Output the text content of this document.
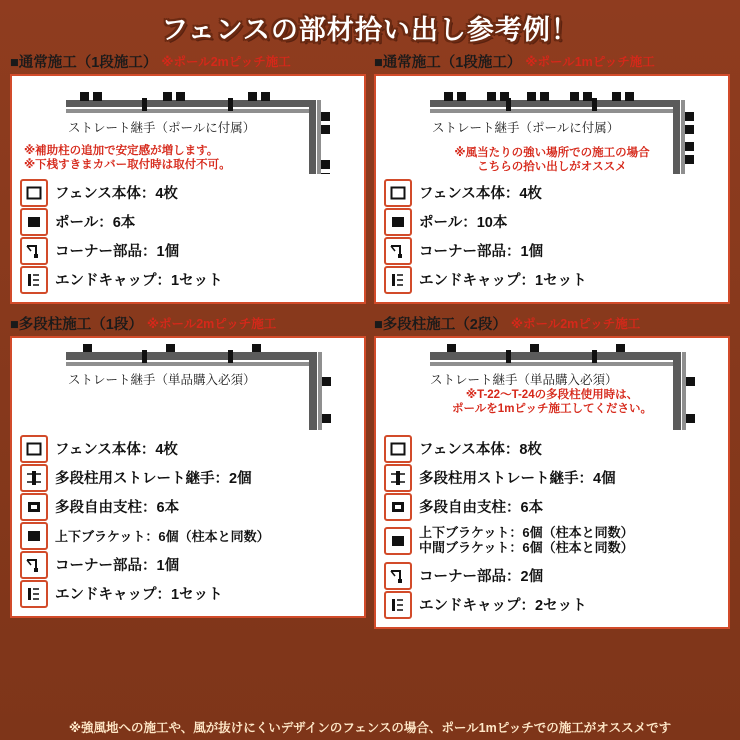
フェンスの部材拾い出し参考例！
■通常施工（1段施工） ※ポール2mピッチ施工
ストレート継手（ポールに付属）
※補助柱の追加で安定感が増します。
※下桟すきまカバー取付時は取付不可。
フェンス本体：4枚
ポール：6本
コーナー部品：1個
エンドキャップ：1セット
■通常施工（1段施工） ※ポール1mピッチ施工
ストレート継手（ポールに付属）
※風当たりの強い場所での施工の場合
こちらの拾い出しがオススメ
フェンス本体：4枚
ポール：10本
コーナー部品：1個
エンドキャップ：1セット
■多段柱施工（1段） ※ポール2mピッチ施工
ストレート継手（単品購入必須）
フェンス本体：4枚
多段柱用ストレート継手：2個
多段自由支柱：6本
上下ブラケット：6個（柱本と同数）
コーナー部品：1個
エンドキャップ：1セット
■多段柱施工（2段） ※ポール2mピッチ施工
ストレート継手（単品購入必須）
※T-22〜T-24の多段柱使用時は、
ポールを1mピッチ施工してください。
フェンス本体：8枚
多段柱用ストレート継手：4個
多段自由支柱：6本
上下ブラケット：6個（柱本と同数）
中間ブラケット：6個（柱本と同数）
コーナー部品：2個
エンドキャップ：2セット
※強風地への施工や、風が抜けにくいデザインのフェンスの場合、ポール1mピッチでの施工がオススメです
